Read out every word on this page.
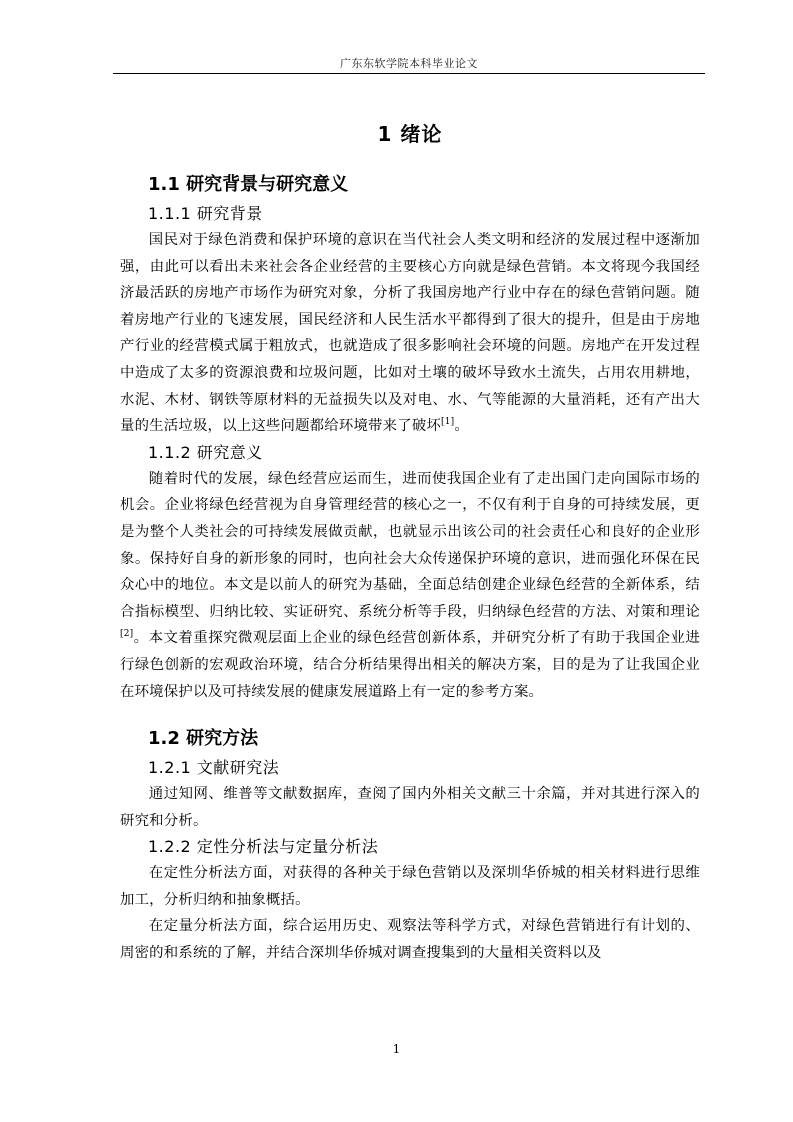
广东东软学院本科毕业论文
1 绪论
1.1 研究背景与研究意义
1.1.1 研究背景

国民对于绿色消费和保护环境的意识在当代社会人类文明和经济的发展过程中逐渐加强，由此可以看出未来社会各企业经营的主要核心方向就是绿色营销。本文将现今我国经济最活跃的房地产市场作为研究对象，分析了我国房地产行业中存在的绿色营销问题。随着房地产行业的飞速发展，国民经济和人民生活水平都得到了很大的提升，但是由于房地产行业的经营模式属于粗放式，也就造成了很多影响社会环境的问题。房地产在开发过程中造成了太多的资源浪费和垃圾问题，比如对土壤的破坏导致水土流失，占用农用耕地，水泥、木材、钢铁等原材料的无益损失以及对电、水、气等能源的大量消耗，还有产出大量的生活垃圾，以上这些问题都给环境带来了破坏[1]。

1.1.2 研究意义

随着时代的发展，绿色经营应运而生，进而使我国企业有了走出国门走向国际市场的机会。企业将绿色经营视为自身管理经营的核心之一，不仅有利于自身的可持续发展，更是为整个人类社会的可持续发展做贡献，也就显示出该公司的社会责任心和良好的企业形象。保持好自身的新形象的同时，也向社会大众传递保护环境的意识，进而强化环保在民众心中的地位。本文是以前人的研究为基础，全面总结创建企业绿色经营的全新体系，结合指标模型、归纳比较、实证研究、系统分析等手段，归纳绿色经营的方法、对策和理论[2]。本文着重探究微观层面上企业的绿色经营创新体系，并研究分析了有助于我国企业进行绿色创新的宏观政治环境，结合分析结果得出相关的解决方案，目的是为了让我国企业在环境保护以及可持续发展的健康发展道路上有一定的参考方案。

1.2 研究方法
1.2.1 文献研究法

通过知网、维普等文献数据库，查阅了国内外相关文献三十余篇，并对其进行深入的研究和分析。

1.2.2 定性分析法与定量分析法

在定性分析法方面，对获得的各种关于绿色营销以及深圳华侨城的相关材料进行思维加工，分析归纳和抽象概括。

在定量分析法方面，综合运用历史、观察法等科学方式，对绿色营销进行有计划的、周密的和系统的了解，并结合深圳华侨城对调查搜集到的大量相关资料以及

1
